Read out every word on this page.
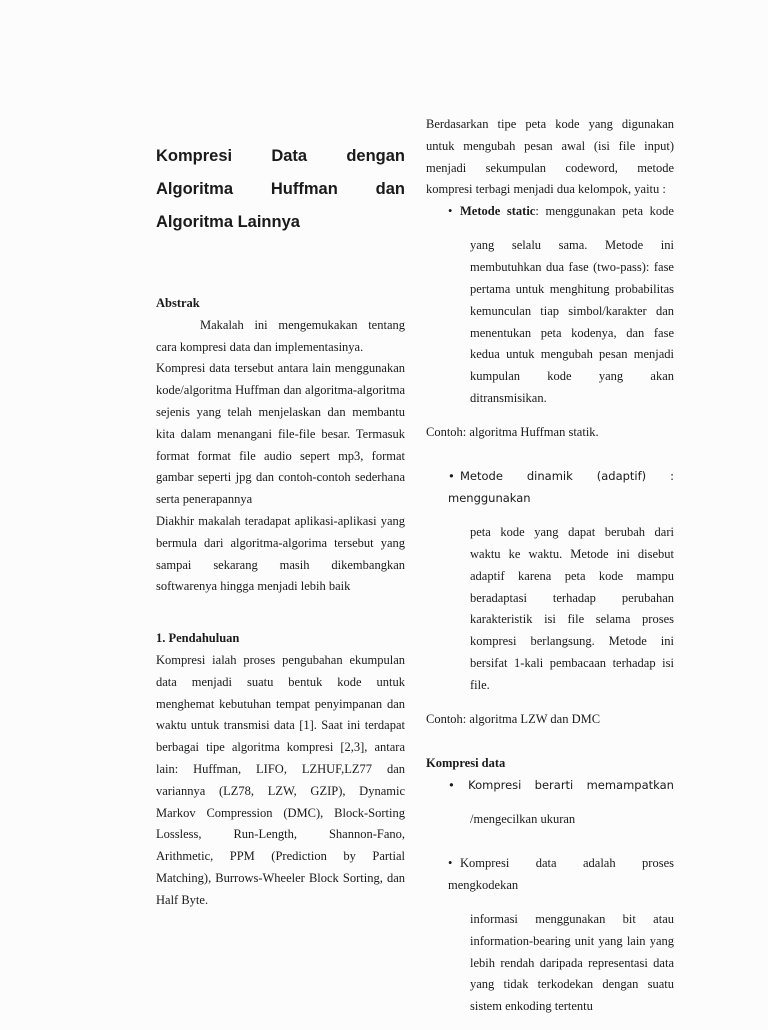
Kompresi Data dengan
Algoritma Huffman dan
Algoritma Lainnya

Abstrak

Makalah ini mengemukakan tentang cara kompresi data dan implementasinya.

Kompresi data tersebut antara lain menggunakan kode/algoritma Huffman dan algoritma-algoritma sejenis yang telah menjelaskan dan membantu kita dalam menangani file-file besar. Termasuk format format file audio sepert mp3, format gambar seperti jpg dan contoh-contoh sederhana serta penerapannya

Diakhir makalah teradapat aplikasi-aplikasi yang bermula dari algoritma-algorima tersebut yang sampai sekarang masih dikembangkan softwarenya hingga menjadi lebih baik

1. Pendahuluan

Kompresi ialah proses pengubahan ekumpulan data menjadi suatu bentuk kode untuk menghemat kebutuhan tempat penyimpanan dan waktu untuk transmisi data [1]. Saat ini terdapat berbagai tipe algoritma kompresi [2,3], antara lain: Huffman, LIFO, LZHUF,LZ77 dan variannya (LZ78, LZW, GZIP), Dynamic Markov Compression (DMC), Block-Sorting Lossless, Run-Length, Shannon-Fano, Arithmetic, PPM (Prediction by Partial Matching), Burrows-Wheeler Block Sorting, dan Half Byte.

Berdasarkan tipe peta kode yang digunakan untuk mengubah pesan awal (isi file input) menjadi sekumpulan codeword, metode kompresi terbagi menjadi dua kelompok, yaitu :

• Metode static: menggunakan peta kode

yang selalu sama. Metode ini membutuhkan dua fase (two-pass): fase pertama untuk menghitung probabilitas kemunculan tiap simbol/karakter dan menentukan peta kodenya, dan fase kedua untuk mengubah pesan menjadi kumpulan kode yang akan ditransmisikan.

Contoh: algoritma Huffman statik.

• Metode dinamik (adaptif) : menggunakan

peta kode yang dapat berubah dari waktu ke waktu. Metode ini disebut adaptif karena peta kode mampu beradaptasi terhadap perubahan karakteristik isi file selama proses kompresi berlangsung. Metode ini bersifat 1-kali pembacaan terhadap isi file.

Contoh: algoritma LZW dan DMC

Kompresi data

• Kompresi berarti memampatkan

/mengecilkan ukuran

• Kompresi data adalah proses mengkodekan

informasi menggunakan bit atau information-bearing unit yang lain yang lebih rendah daripada representasi data yang tidak terkodekan dengan suatu sistem enkoding tertentu
